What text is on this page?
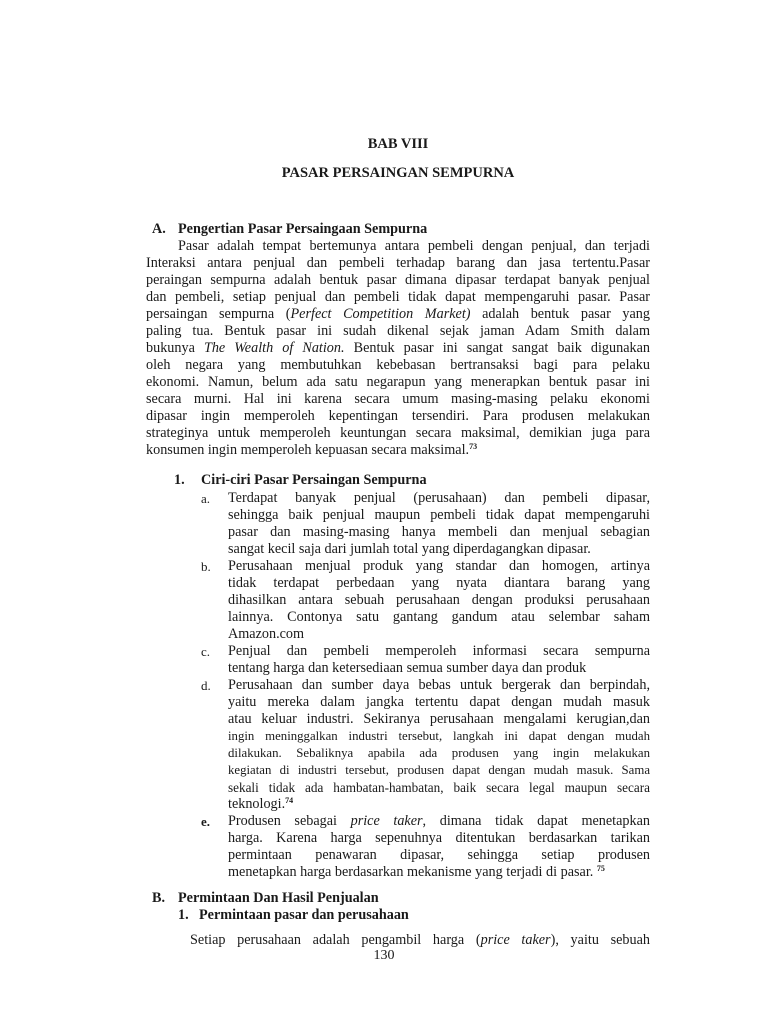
BAB VIII
PASAR PERSAINGAN SEMPURNA
A. Pengertian Pasar Persaingaan Sempurna
Pasar adalah tempat bertemunya antara pembeli dengan penjual, dan terjadi
Interaksi antara penjual dan pembeli terhadap barang dan jasa tertentu.Pasar
peraingan sempurna adalah bentuk pasar dimana dipasar terdapat banyak penjual
dan pembeli, setiap penjual dan pembeli tidak dapat mempengaruhi pasar. Pasar
persaingan sempurna (Perfect Competition Market) adalah bentuk pasar yang
paling tua. Bentuk pasar ini sudah dikenal sejak jaman Adam Smith dalam
bukunya The Wealth of Nation. Bentuk pasar ini sangat sangat baik digunakan
oleh negara yang membutuhkan kebebasan bertransaksi bagi para pelaku
ekonomi. Namun, belum ada satu negarapun yang menerapkan bentuk pasar ini
secara murni. Hal ini karena secara umum masing-masing pelaku ekonomi
dipasar ingin memperoleh kepentingan tersendiri. Para produsen melakukan
strateginya untuk memperoleh keuntungan secara maksimal, demikian juga para
konsumen ingin memperoleh kepuasan secara maksimal.$^{73}$
1. Ciri-ciri Pasar Persaingan Sempurna
a. Terdapat banyak penjual (perusahaan) dan pembeli dipasar,
sehingga baik penjual maupun pembeli tidak dapat mempengaruhi
pasar dan masing-masing hanya membeli dan menjual sebagian
sangat kecil saja dari jumlah total yang diperdagangkan dipasar.
b. Perusahaan menjual produk yang standar dan homogen, artinya
tidak terdapat perbedaan yang nyata diantara barang yang
dihasilkan antara sebuah perusahaan dengan produksi perusahaan
lainnya. Contonya satu gantang gandum atau selembar saham
Amazon.com
c. Penjual dan pembeli memperoleh informasi secara sempurna
tentang harga dan ketersediaan semua sumber daya dan produk
d. Perusahaan dan sumber daya bebas untuk bergerak dan berpindah,
yaitu mereka dalam jangka tertentu dapat dengan mudah masuk
atau keluar industri. Sekiranya perusahaan mengalami kerugian,dan
ingin meninggalkan industri tersebut, langkah ini dapat dengan mudah
dilakukan. Sebaliknya apabila ada produsen yang ingin melakukan
kegiatan di industri tersebut, produsen dapat dengan mudah masuk. Sama
sekali tidak ada hambatan-hambatan, baik secara legal maupun secara
teknologi.$^{74}$
e. Produsen sebagai price taker, dimana tidak dapat menetapkan
harga. Karena harga sepenuhnya ditentukan berdasarkan tarikan
permintaan penawaran dipasar, sehingga setiap produsen
menetapkan harga berdasarkan mekanisme yang terjadi di pasar. $^{75}$
B. Permintaan Dan Hasil Penjualan
1. Permintaan pasar dan perusahaan
Setiap perusahaan adalah pengambil harga (price taker), yaitu sebuah
130
